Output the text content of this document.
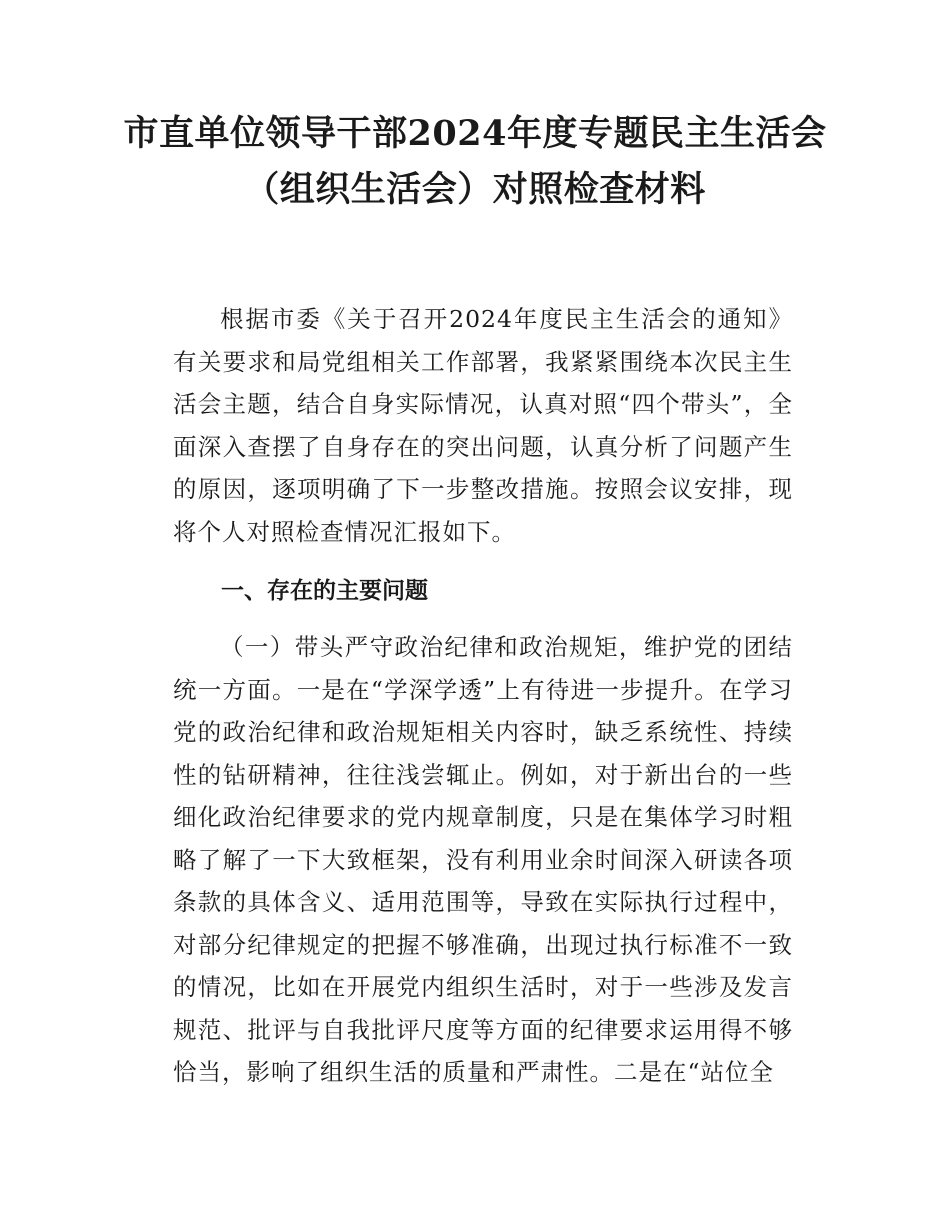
市直单位领导干部2024年度专题民主生活会
（组织生活会）对照检查材料

根据市委《关于召开2024年度民主生活会的通知》有关要求和局党组相关工作部署，我紧紧围绕本次民主生活会主题，结合自身实际情况，认真对照“四个带头”，全面深入查摆了自身存在的突出问题，认真分析了问题产生的原因，逐项明确了下一步整改措施。按照会议安排，现将个人对照检查情况汇报如下。

一、存在的主要问题

（一）带头严守政治纪律和政治规矩，维护党的团结统一方面。一是在“学深学透”上有待进一步提升。在学习党的政治纪律和政治规矩相关内容时，缺乏系统性、持续性的钻研精神，往往浅尝辄止。例如，对于新出台的一些细化政治纪律要求的党内规章制度，只是在集体学习时粗略了解了一下大致框架，没有利用业余时间深入研读各项条款的具体含义、适用范围等，导致在实际执行过程中，对部分纪律规定的把握不够准确，出现过执行标准不一致的情况，比如在开展党内组织生活时，对于一些涉及发言规范、批评与自我批评尺度等方面的纪律要求运用得不够恰当，影响了组织生活的质量和严肃性。二是在“站位全
